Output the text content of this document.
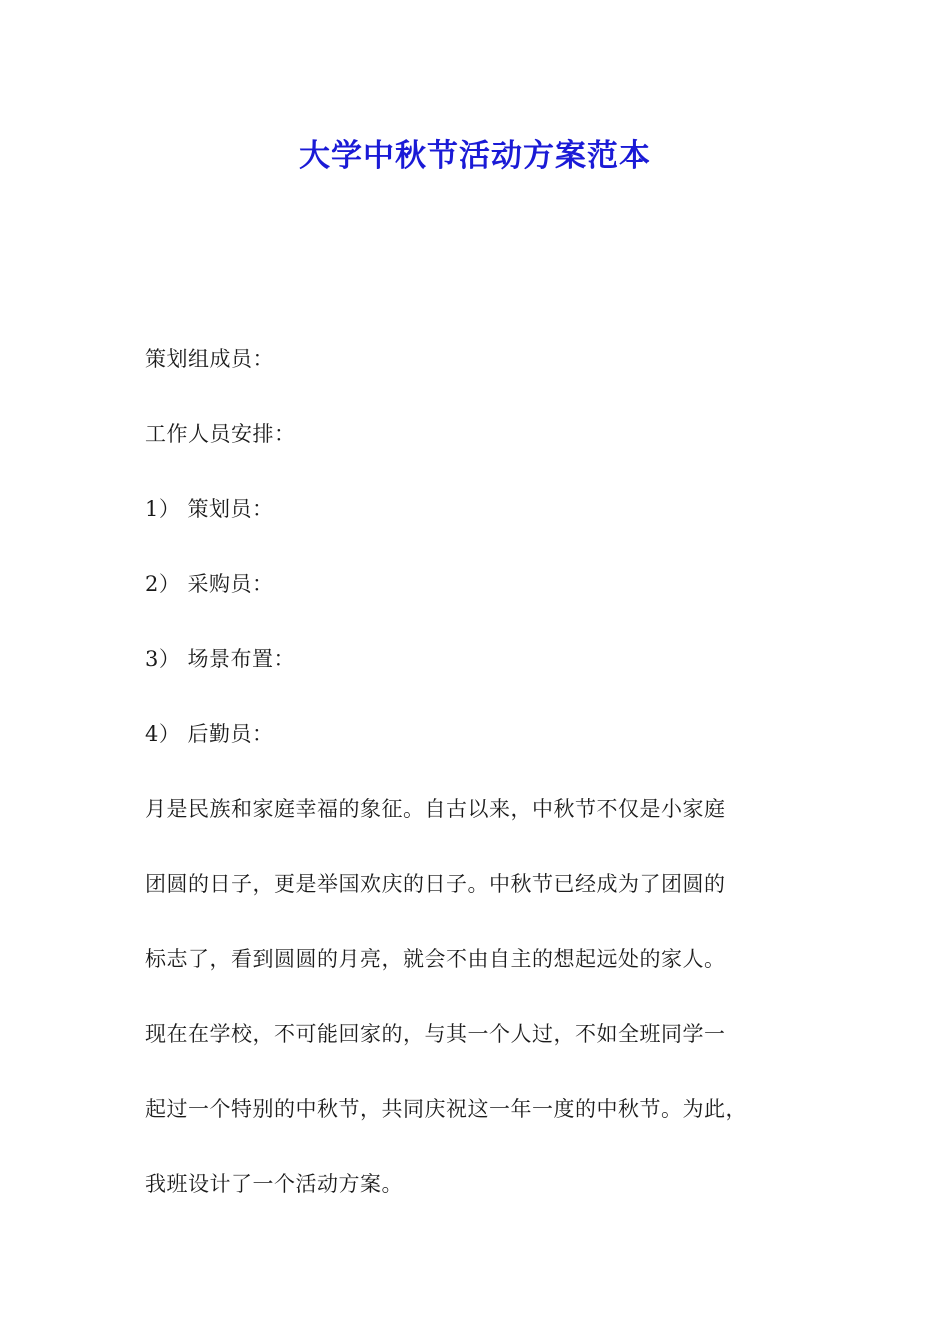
大学中秋节活动方案范本
策划组成员：
工作人员安排：
1） 策划员：
2） 采购员：
3） 场景布置：
4） 后勤员：
月是民族和家庭幸福的象征。自古以来，中秋节不仅是小家庭
团圆的日子，更是举国欢庆的日子。中秋节已经成为了团圆的
标志了，看到圆圆的月亮，就会不由自主的想起远处的家人。
现在在学校，不可能回家的，与其一个人过，不如全班同学一
起过一个特别的中秋节，共同庆祝这一年一度的中秋节。为此，
我班设计了一个活动方案。
